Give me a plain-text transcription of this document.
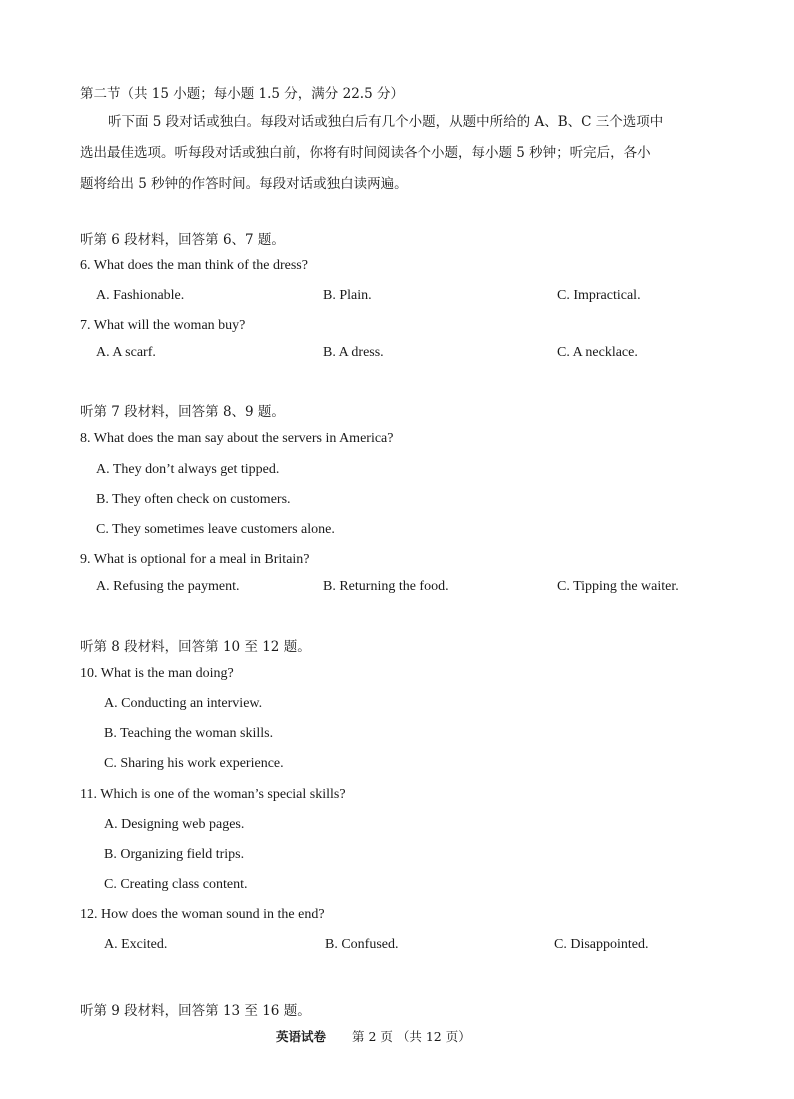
第二节（共 15 小题；每小题 1.5 分，满分 22.5 分）

听下面 5 段对话或独白。每段对话或独白后有几个小题，从题中所给的 A、B、C 三个选项中

选出最佳选项。听每段对话或独白前，你将有时间阅读各个小题，每小题 5 秒钟；听完后，各小

题将给出 5 秒钟的作答时间。每段对话或独白读两遍。

听第 6 段材料，回答第 6、7 题。
6. What does the man think of the dress?
A. Fashionable.	B. Plain.	C. Impractical.
7. What will the woman buy?
A. A scarf.	B. A dress.	C. A necklace.
听第 7 段材料，回答第 8、9 题。
8. What does the man say about the servers in America?
A. They don’t always get tipped.
B. They often check on customers.
C. They sometimes leave customers alone.
9. What is optional for a meal in Britain?
A. Refusing the payment.	B. Returning the food.	C. Tipping the waiter.
听第 8 段材料，回答第 10 至 12 题。
10. What is the man doing?
A. Conducting an interview.
B. Teaching the woman skills.
C. Sharing his work experience.
11. Which is one of the woman’s special skills?
A. Designing web pages.
B. Organizing field trips.
C. Creating class content.
12. How does the woman sound in the end?
A. Excited.	B. Confused.	C. Disappointed.
听第 9 段材料，回答第 13 至 16 题。
英语试卷 第 2 页 （共 12 页）
